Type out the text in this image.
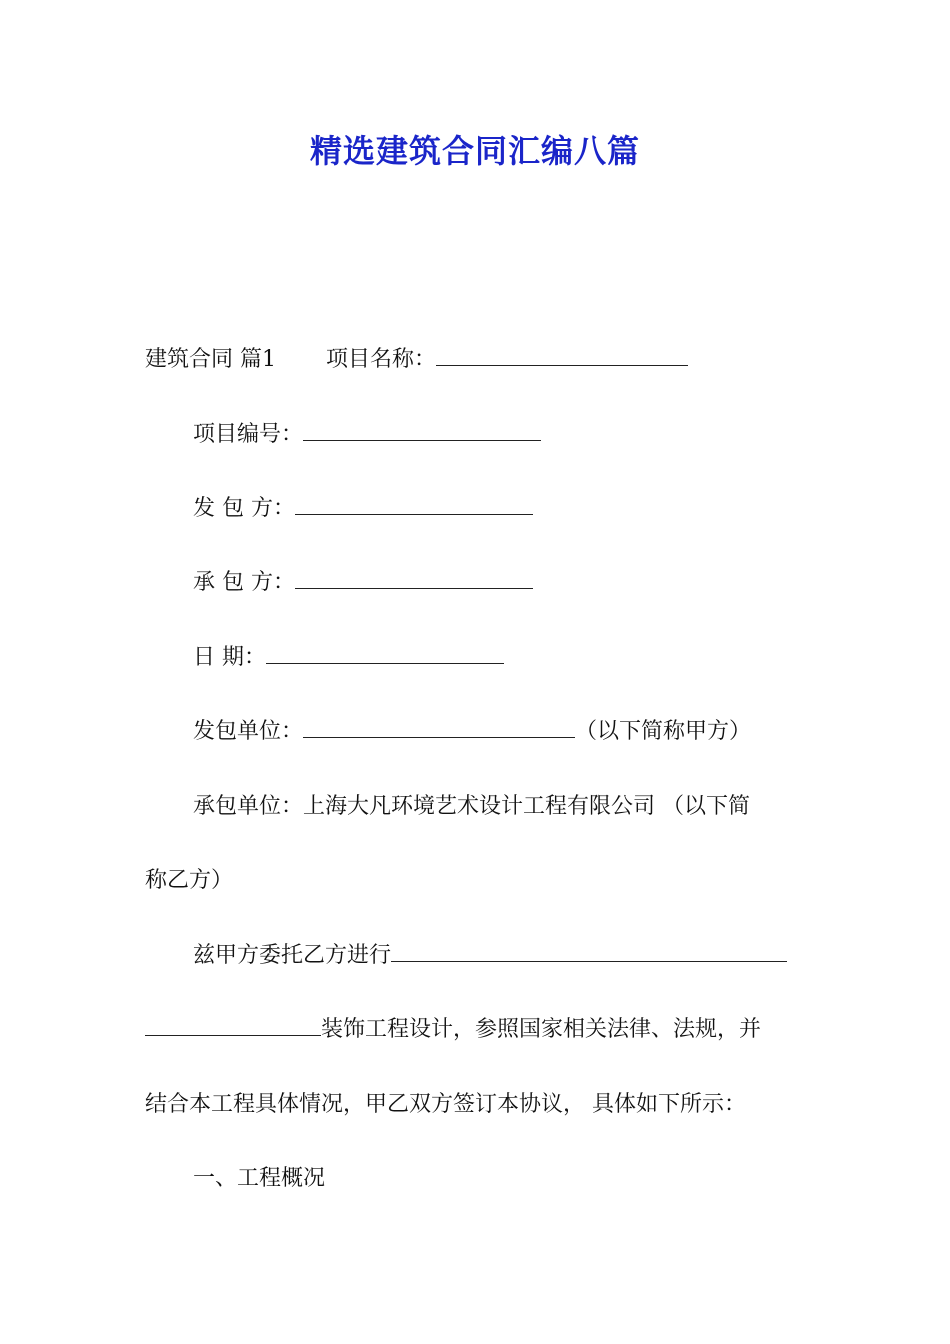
精选建筑合同汇编八篇
建筑合同 篇1 项目名称：
项目编号：
发 包 方：
承 包 方：
日 期：
发包单位：	（以下简称甲方）
承包单位：上海大凡环境艺术设计工程有限公司 （以下简
称乙方）
兹甲方委托乙方进行
装饰工程设计，参照国家相关法律、法规，并
结合本工程具体情况，甲乙双方签订本协议， 具体如下所示：
一、工程概况
